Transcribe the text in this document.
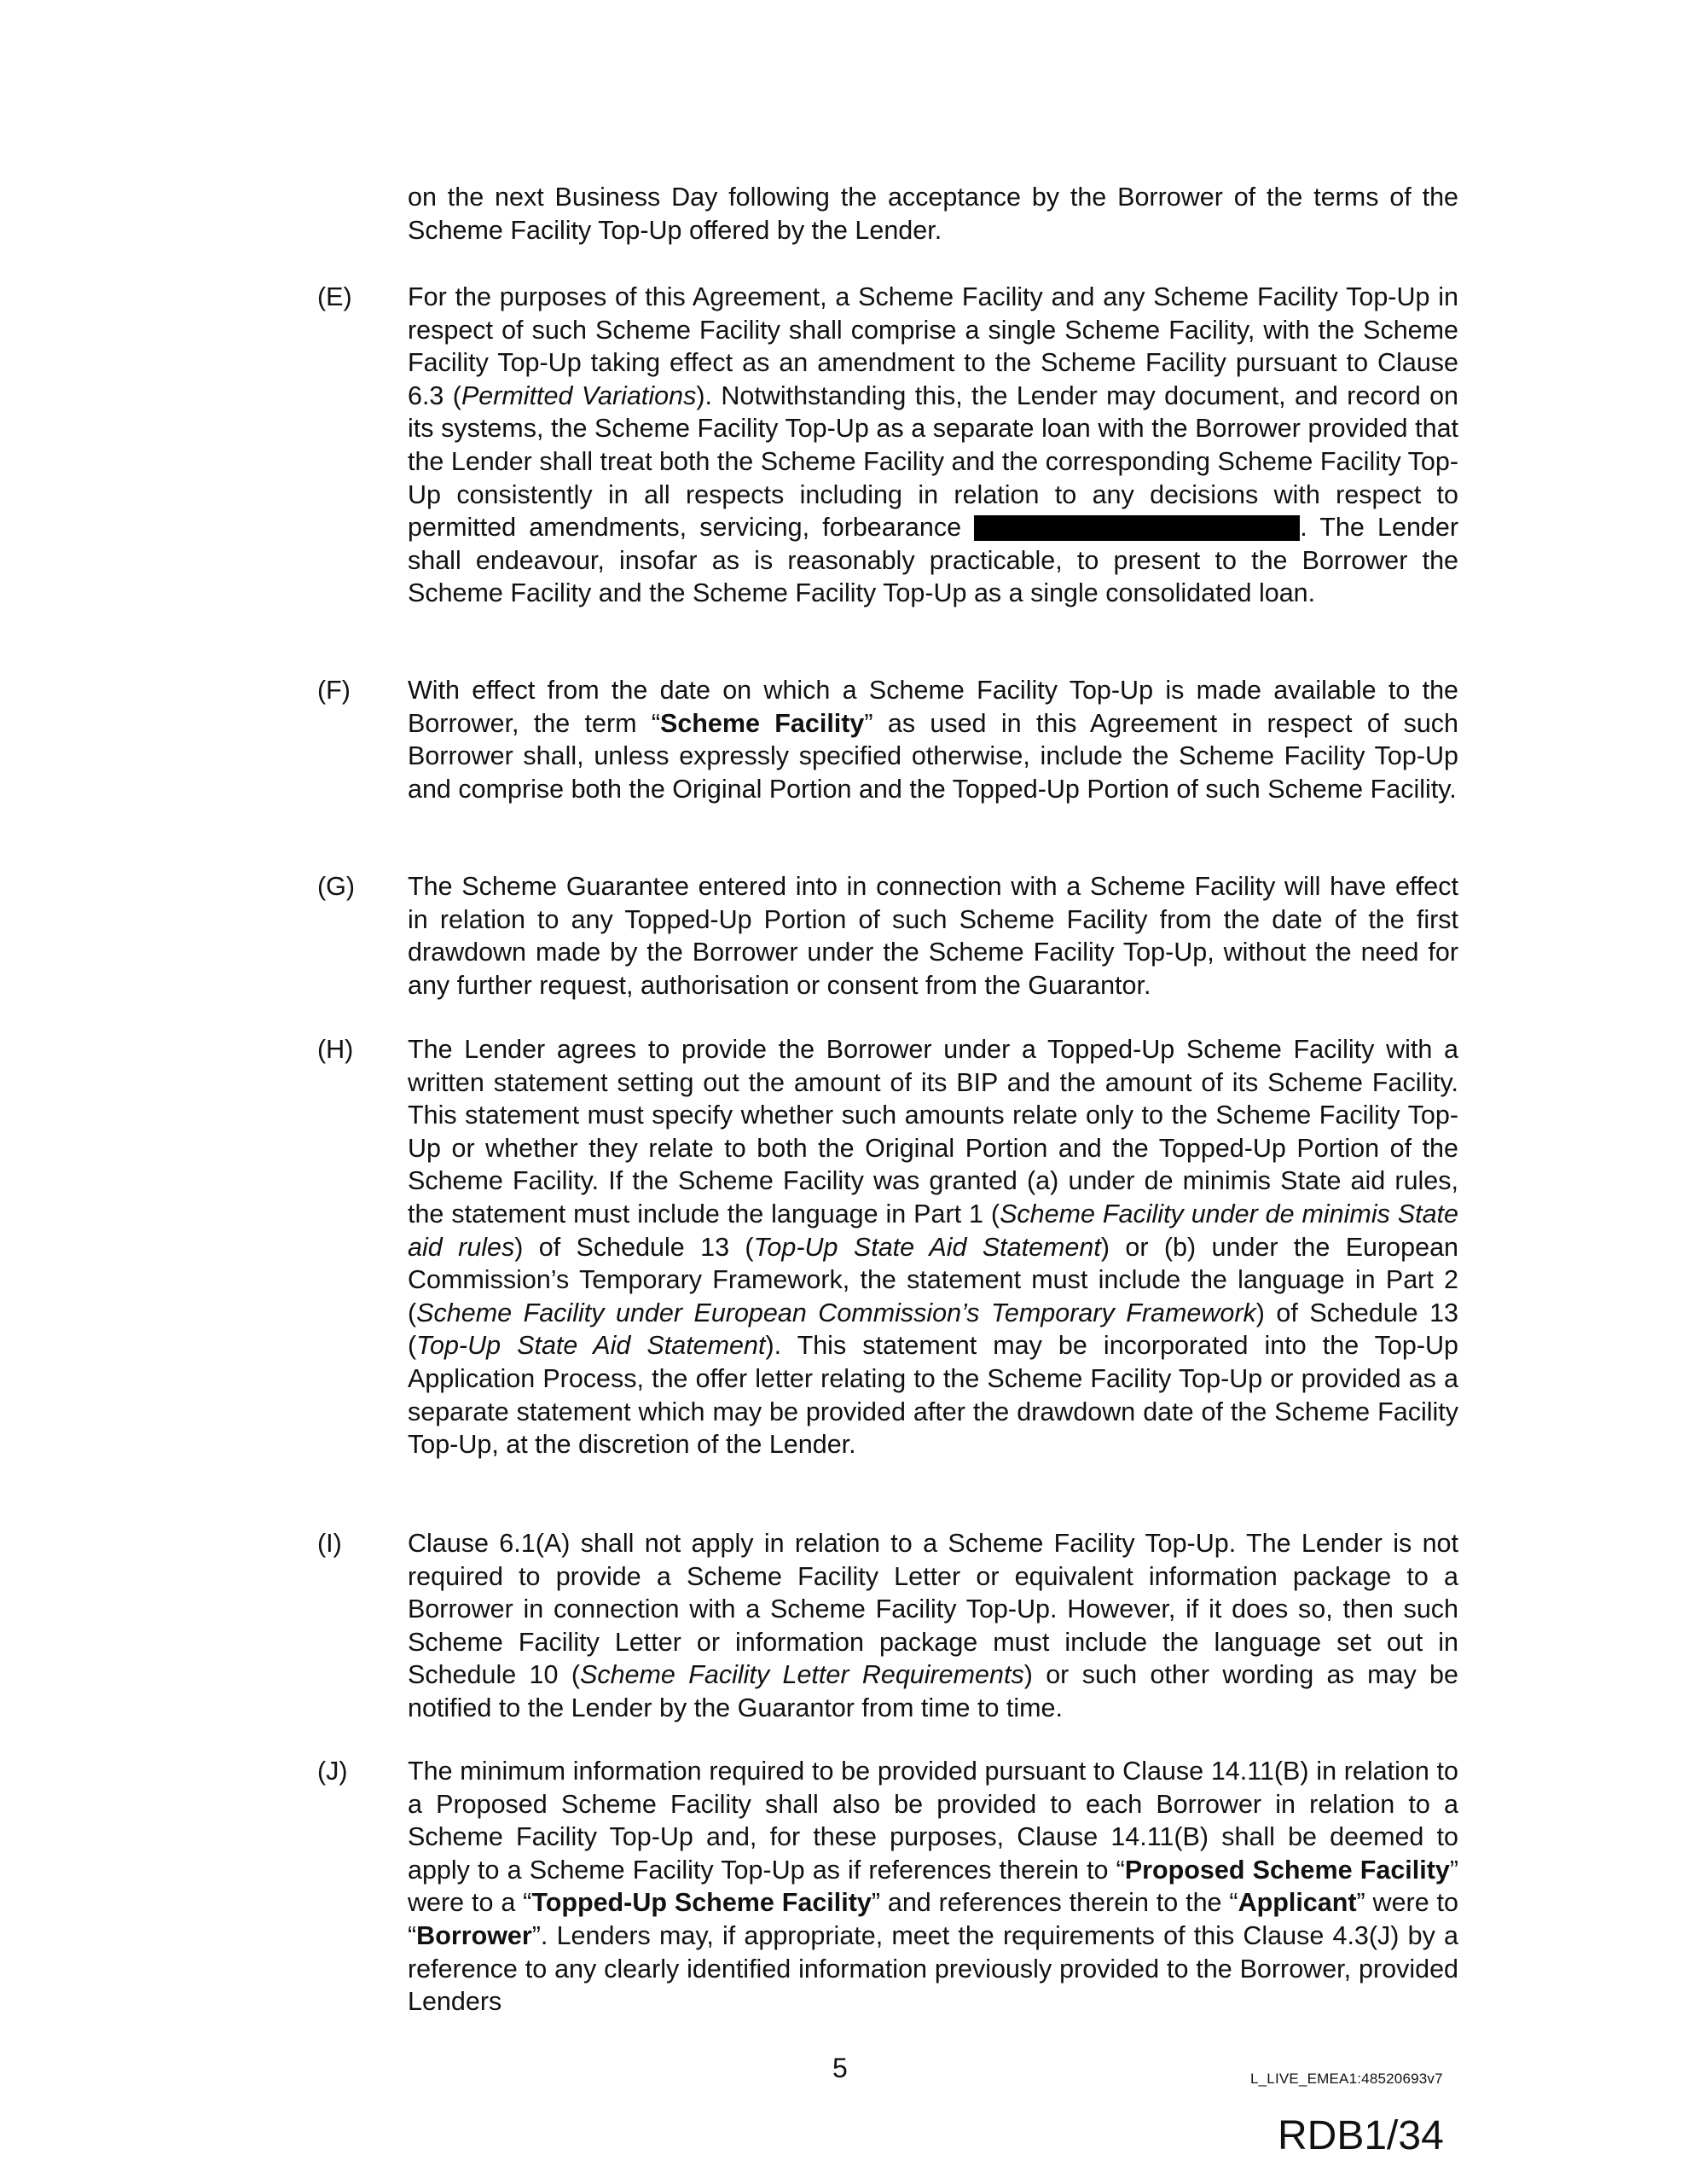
on the next Business Day following the acceptance by the Borrower of the terms of the Scheme Facility Top-Up offered by the Lender.
(E) For the purposes of this Agreement, a Scheme Facility and any Scheme Facility Top-Up in respect of such Scheme Facility shall comprise a single Scheme Facility, with the Scheme Facility Top-Up taking effect as an amendment to the Scheme Facility pursuant to Clause 6.3 (Permitted Variations). Notwithstanding this, the Lender may document, and record on its systems, the Scheme Facility Top-Up as a separate loan with the Borrower provided that the Lender shall treat both the Scheme Facility and the corresponding Scheme Facility Top-Up consistently in all respects including in relation to any decisions with respect to permitted amendments, servicing, forbearance	. The Lender shall endeavour, insofar as is reasonably practicable, to present to the Borrower the Scheme Facility and the Scheme Facility Top-Up as a single consolidated loan.
(F) With effect from the date on which a Scheme Facility Top-Up is made available to the Borrower, the term “Scheme Facility” as used in this Agreement in respect of such Borrower shall, unless expressly specified otherwise, include the Scheme Facility Top-Up and comprise both the Original Portion and the Topped-Up Portion of such Scheme Facility.
(G) The Scheme Guarantee entered into in connection with a Scheme Facility will have effect in relation to any Topped-Up Portion of such Scheme Facility from the date of the first drawdown made by the Borrower under the Scheme Facility Top-Up, without the need for any further request, authorisation or consent from the Guarantor.
(H) The Lender agrees to provide the Borrower under a Topped-Up Scheme Facility with a written statement setting out the amount of its BIP and the amount of its Scheme Facility. This statement must specify whether such amounts relate only to the Scheme Facility Top-Up or whether they relate to both the Original Portion and the Topped-Up Portion of the Scheme Facility. If the Scheme Facility was granted (a) under de minimis State aid rules, the statement must include the language in Part 1 (Scheme Facility under de minimis State aid rules) of Schedule 13 (Top-Up State Aid Statement) or (b) under the European Commission’s Temporary Framework, the statement must include the language in Part 2 (Scheme Facility under European Commission’s Temporary Framework) of Schedule 13 (Top-Up State Aid Statement). This statement may be incorporated into the Top-Up Application Process, the offer letter relating to the Scheme Facility Top-Up or provided as a separate statement which may be provided after the drawdown date of the Scheme Facility Top-Up, at the discretion of the Lender.
(I)	Clause 6.1(A) shall not apply in relation to a Scheme Facility Top-Up. The Lender is not required to provide a Scheme Facility Letter or equivalent information package to a Borrower in connection with a Scheme Facility Top-Up. However, if it does so, then such Scheme Facility Letter or information package must include the language set out in Schedule 10 (Scheme Facility Letter Requirements) or such other wording as may be notified to the Lender by the Guarantor from time to time.
(J) The minimum information required to be provided pursuant to Clause 14.11(B) in relation to a Proposed Scheme Facility shall also be provided to each Borrower in relation to a Scheme Facility Top-Up and, for these purposes, Clause 14.11(B) shall be deemed to apply to a Scheme Facility Top-Up as if references therein to “Proposed Scheme Facility” were to a “Topped-Up Scheme Facility” and references therein to the “Applicant” were to “Borrower”. Lenders may, if appropriate, meet the requirements of this Clause 4.3(J) by a reference to any clearly identified information previously provided to the Borrower, provided Lenders
5	L_LIVE_EMEA1:48520693v7
RDB1/34
